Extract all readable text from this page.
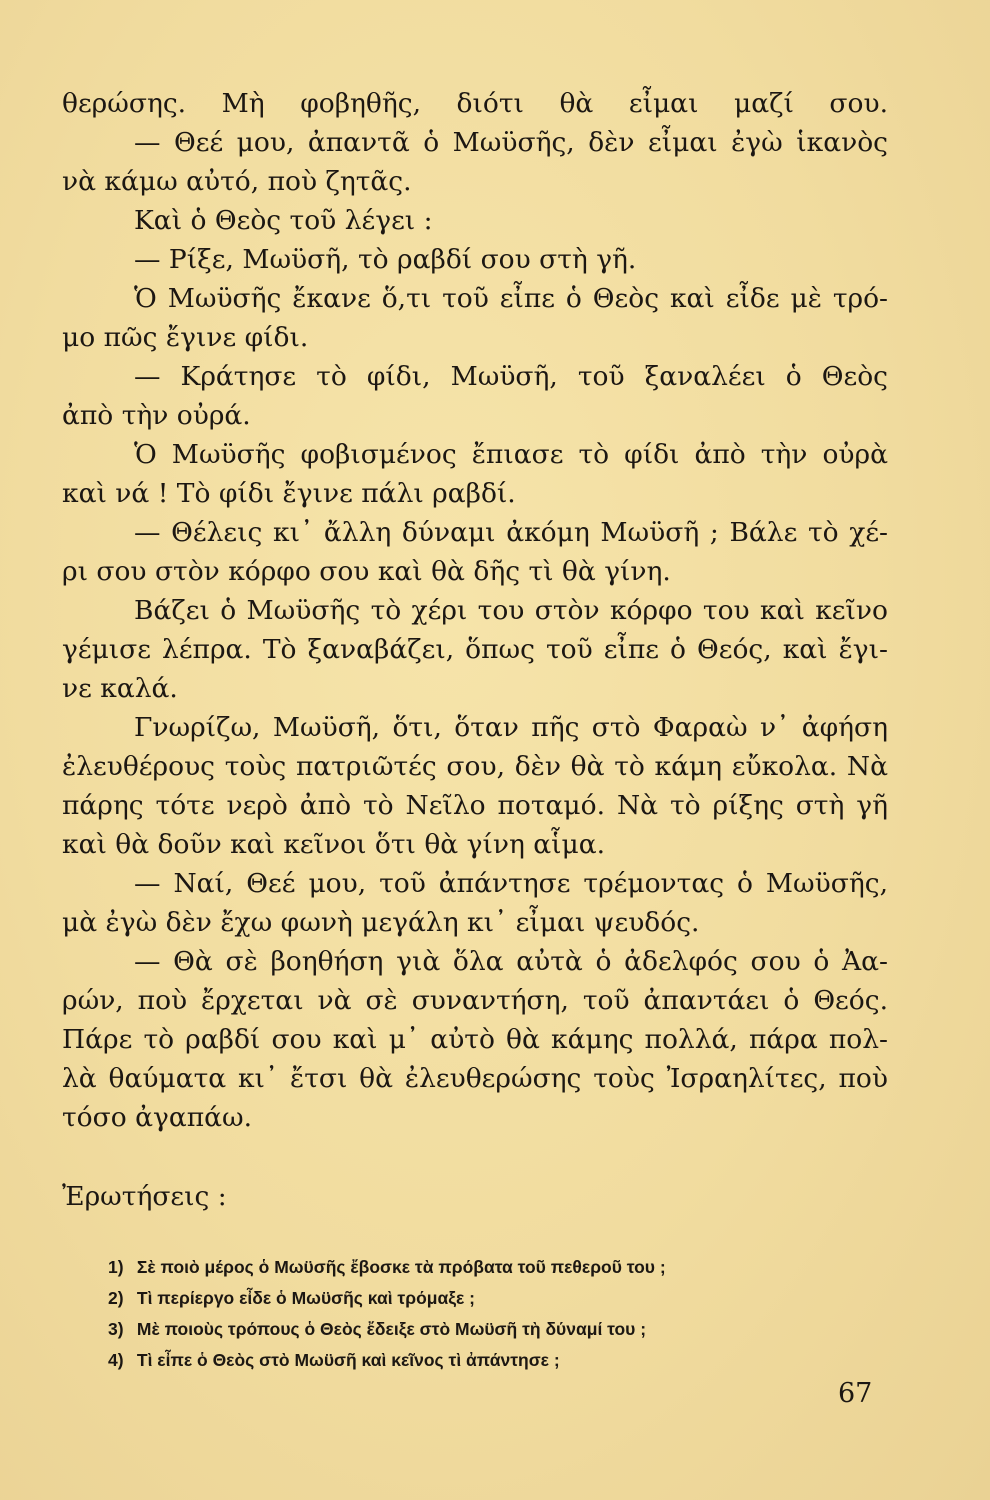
θερώσης. Μὴ φοβηθῆς, διότι θὰ εἶμαι μαζί σου.
— Θεέ μου, ἀπαντᾶ ὁ Μωϋσῆς, δὲν εἶμαι ἐγὼ ἱκανὸς
νὰ κάμω αὐτό, ποὺ ζητᾶς.
Καὶ ὁ Θεὸς τοῦ λέγει :
— Ρίξε, Μωϋσῆ, τὸ ραβδί σου στὴ γῆ.
Ὁ Μωϋσῆς ἔκανε ὅ,τι τοῦ εἶπε ὁ Θεὸς καὶ εἶδε μὲ τρό-
μο πῶς ἔγινε φίδι.
— Κράτησε τὸ φίδι, Μωϋσῆ, τοῦ ξαναλέει ὁ Θεὸς
ἀπὸ τὴν οὐρά.
Ὁ Μωϋσῆς φοβισμένος ἔπιασε τὸ φίδι ἀπὸ τὴν οὐρὰ
καὶ νά ! Τὸ φίδι ἔγινε πάλι ραβδί.
— Θέλεις κι᾿ ἄλλη δύναμι ἀκόμη Μωϋσῆ ; Βάλε τὸ χέ-
ρι σου στὸν κόρφο σου καὶ θὰ δῆς τὶ θὰ γίνη.
Βάζει ὁ Μωϋσῆς τὸ χέρι του στὸν κόρφο του καὶ κεῖνο
γέμισε λέπρα. Τὸ ξαναβάζει, ὅπως τοῦ εἶπε ὁ Θεός, καὶ ἔγι-
νε καλά.
Γνωρίζω, Μωϋσῆ, ὅτι, ὅταν πῆς στὸ Φαραὼ ν᾿ ἀφήση
ἐλευθέρους τοὺς πατριῶτές σου, δὲν θὰ τὸ κάμη εὔκολα. Νὰ
πάρης τότε νερὸ ἀπὸ τὸ Νεῖλο ποταμό. Νὰ τὸ ρίξης στὴ γῆ
καὶ θὰ δοῦν καὶ κεῖνοι ὅτι θὰ γίνη αἷμα.
— Ναί, Θεέ μου, τοῦ ἀπάντησε τρέμοντας ὁ Μωϋσῆς,
μὰ ἐγὼ δὲν ἔχω φωνὴ μεγάλη κι᾿ εἶμαι ψευδός.
— Θὰ σὲ βοηθήση γιὰ ὅλα αὐτὰ ὁ ἀδελφός σου ὁ Ἀα-
ρών, ποὺ ἔρχεται νὰ σὲ συναντήση, τοῦ ἀπαντάει ὁ Θεός.
Πάρε τὸ ραβδί σου καὶ μ᾿ αὐτὸ θὰ κάμης πολλά, πάρα πολ-
λὰ θαύματα κι᾿ ἔτσι θὰ ἐλευθερώσης τοὺς Ἰσραηλίτες, ποὺ
τόσο ἀγαπάω.
Ἐρωτήσεις :
1) Σὲ ποιὸ μέρος ὁ Μωϋσῆς ἔβοσκε τὰ πρόβατα τοῦ πεθεροῦ του ;
2) Τὶ περίεργο εἶδε ὁ Μωϋσῆς καὶ τρόμαξε ;
3) Μὲ ποιοὺς τρόπους ὁ Θεὸς ἔδειξε στὸ Μωϋσῆ τὴ δύναμί του ;
4) Τὶ εἶπε ὁ Θεὸς στὸ Μωϋσῆ καὶ κεῖνος τὶ ἀπάντησε ;
67
